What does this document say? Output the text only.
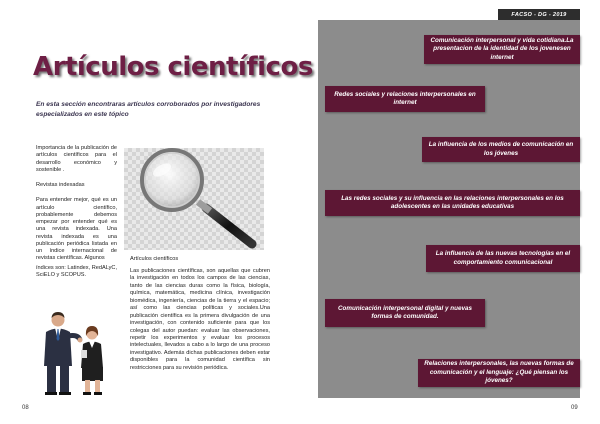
Artículos científicos

En esta sección encontraras artículos corroborados por investigadores especializados en este tópico

Importancia de la publicación de artículos científicos para el desarrollo económico y sostenible .

Revistas indexadas

Para entender mejor, qué es un artículo científico, probablemente debemos empezar por entender qué es una revista indexada. Una revista indexada es una publicación periódica listada en un índice internacional de revistas científicas. Algunos

índices son: Latindex, RedALyC, SciELO y SCOPUS.

Artículos científicos

Las publicaciones científicas, son aquellas que cubren la investigación en todos los campos de las ciencias, tanto de las ciencias duras como la física, biología, química, matemática, medicina clínica, investigación biomédica, ingeniería, ciencias de la tierra y el espacio; así como las ciencias políticas y sociales.Una publicación científica es la primera divulgación de una investigación, con contenido suficiente para que los colegas del autor puedan: evaluar las observaciones, repetir los experimentos y evaluar los procesos intelectuales, llevados a cabo a lo largo de una proceso investigativo. Además dichas publicaciones deben estar disponibles para la comunidad científica sin restricciones para su revisión periódica.

08
FACSO - DG - 2019
Comunicación interpersonal y vida cotidiana.La presentacion de la identidad de los jovenesen internet
Redes sociales y relaciones interpersonales en internet
La influencia de los medios de comunicación en los jóvenes
Las redes sociales y su influencia en las relaciones interpersonales en los adolescentes en las unidades educativas
La influencia de las nuevas tecnologías en el comportamiento comunicacional
Comunicación interpersonal digital y nuevas formas de comunidad.
Relaciones interpersonales, las nuevas formas de comunicación y el lenguaje: ¿Qué piensan los jóvenes?
09
